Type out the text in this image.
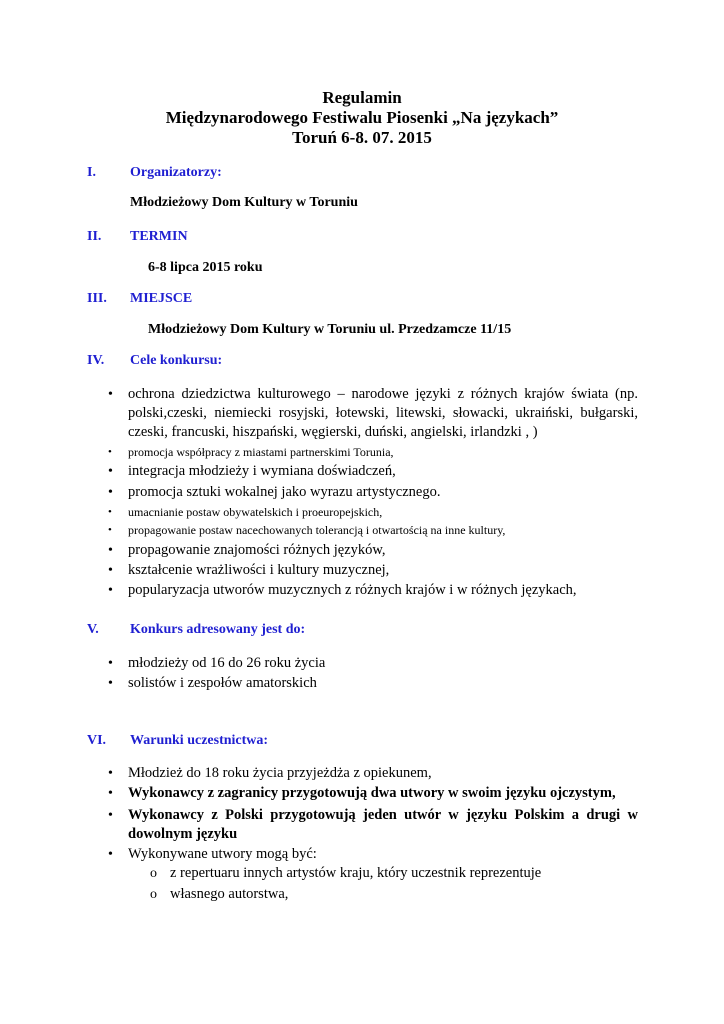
Regulamin
Międzynarodowego Festiwalu Piosenki „Na językach”
Toruń 6-8. 07. 2015
I. Organizatorzy:
Młodzieżowy Dom Kultury w Toruniu
II. TERMIN
6-8 lipca 2015 roku
III. MIEJSCE
Młodzieżowy Dom Kultury w Toruniu ul. Przedzamcze 11/15
IV. Cele konkursu:
• ochrona dziedzictwa kulturowego – narodowe języki z różnych krajów świata (np. polski,czeski, niemiecki rosyjski, łotewski, litewski, słowacki, ukraiński, bułgarski, czeski, francuski, hiszpański, węgierski, duński, angielski, irlandzki , )
• promocja współpracy z miastami partnerskimi Torunia,
• integracja młodzieży i wymiana doświadczeń,
• promocja sztuki wokalnej jako wyrazu artystycznego.
• umacnianie postaw obywatelskich i proeuropejskich,
• propagowanie postaw nacechowanych tolerancją i otwartością na inne kultury,
• propagowanie znajomości różnych języków,
• kształcenie wrażliwości i kultury muzycznej,
• popularyzacja utworów muzycznych z różnych krajów i w różnych językach,
V. Konkurs adresowany jest do:
• młodzieży od 16 do 26 roku życia
• solistów i zespołów amatorskich
VI. Warunki uczestnictwa:
• Młodzież do 18 roku życia przyjeżdża z opiekunem,
• Wykonawcy z zagranicy przygotowują dwa utwory w swoim języku ojczystym,
• Wykonawcy z Polski przygotowują jeden utwór w języku Polskim a drugi w dowolnym języku
• Wykonywane utwory mogą być:
o z repertuaru innych artystów kraju, który uczestnik reprezentuje
o własnego autorstwa,
